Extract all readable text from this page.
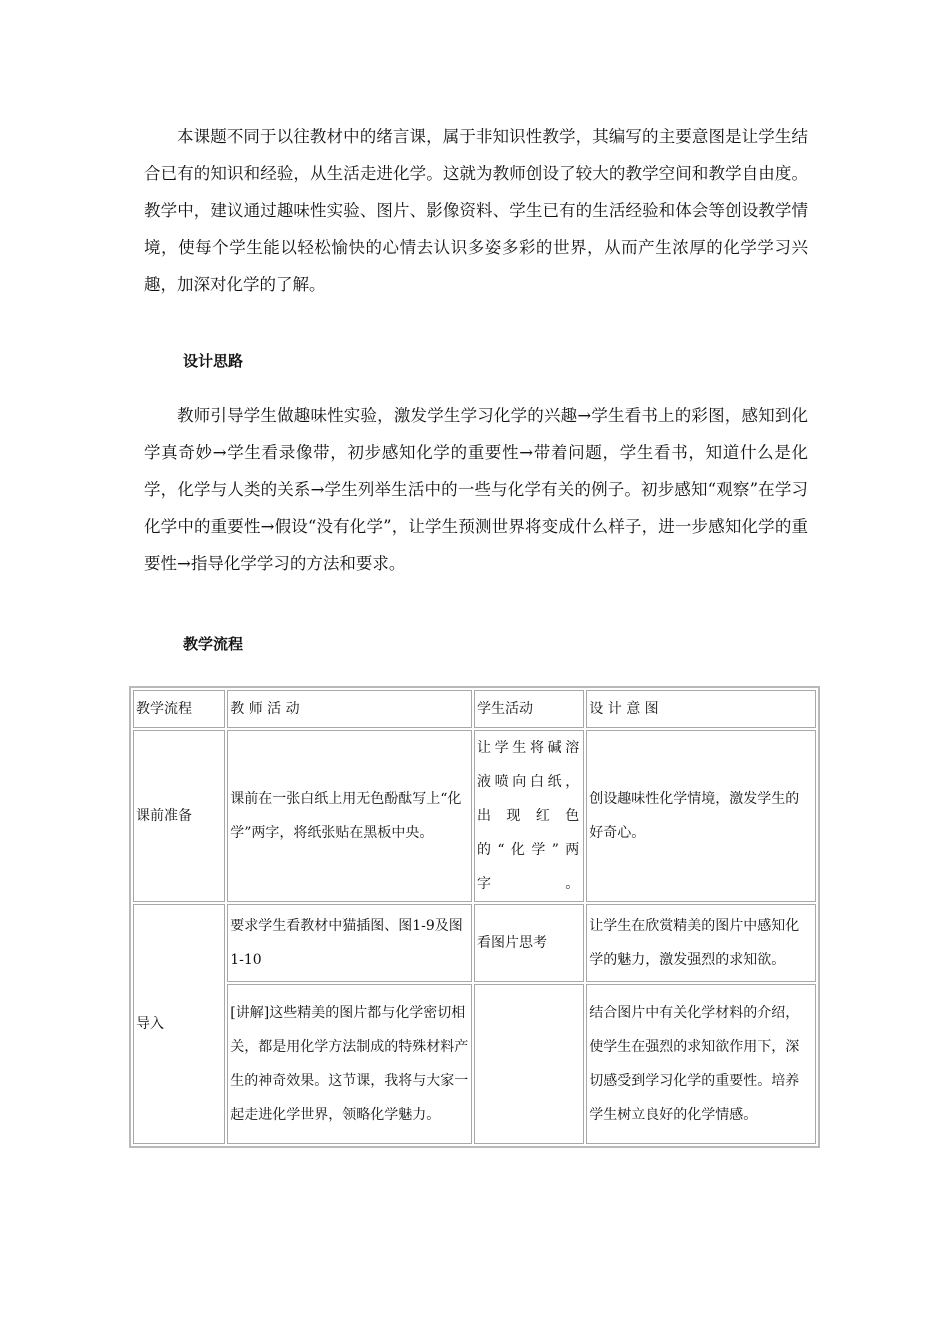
本课题不同于以往教材中的绪言课，属于非知识性教学，其编写的主要意图是让学生结合已有的知识和经验，从生活走进化学。这就为教师创设了较大的教学空间和教学自由度。教学中，建议通过趣味性实验、图片、影像资料、学生已有的生活经验和体会等创设教学情境，使每个学生能以轻松愉快的心情去认识多姿多彩的世界，从而产生浓厚的化学学习兴趣，加深对化学的了解。

设计思路

教师引导学生做趣味性实验，激发学生学习化学的兴趣→学生看书上的彩图，感知到化学真奇妙→学生看录像带，初步感知化学的重要性→带着问题，学生看书，知道什么是化学，化学与人类的关系→学生列举生活中的一些与化学有关的例子。初步感知“观察”在学习化学中的重要性→假设“没有化学”，让学生预测世界将变成什么样子，进一步感知化学的重要性→指导化学学习的方法和要求。

教学流程
教学流程	教 师 活 动	学生活动	设 计 意 图
课前准备	课前在一张白纸上用无色酚酞写上“化学”两字，将纸张贴在黑板中央。	让学生将碱溶液喷向白纸，出现红色的“化学”两字。	创设趣味性化学情境，激发学生的好奇心。
导入	要求学生看教材中猫插图、图1-9及图1-10	看图片思考	让学生在欣赏精美的图片中感知化学的魅力，激发强烈的求知欲。
	[讲解]这些精美的图片都与化学密切相关，都是用化学方法制成的特殊材料产生的神奇效果。这节课，我将与大家一起走进化学世界，领略化学魅力。		结合图片中有关化学材料的介绍，使学生在强烈的求知欲作用下，深切感受到学习化学的重要性。培养学生树立良好的化学情感。
